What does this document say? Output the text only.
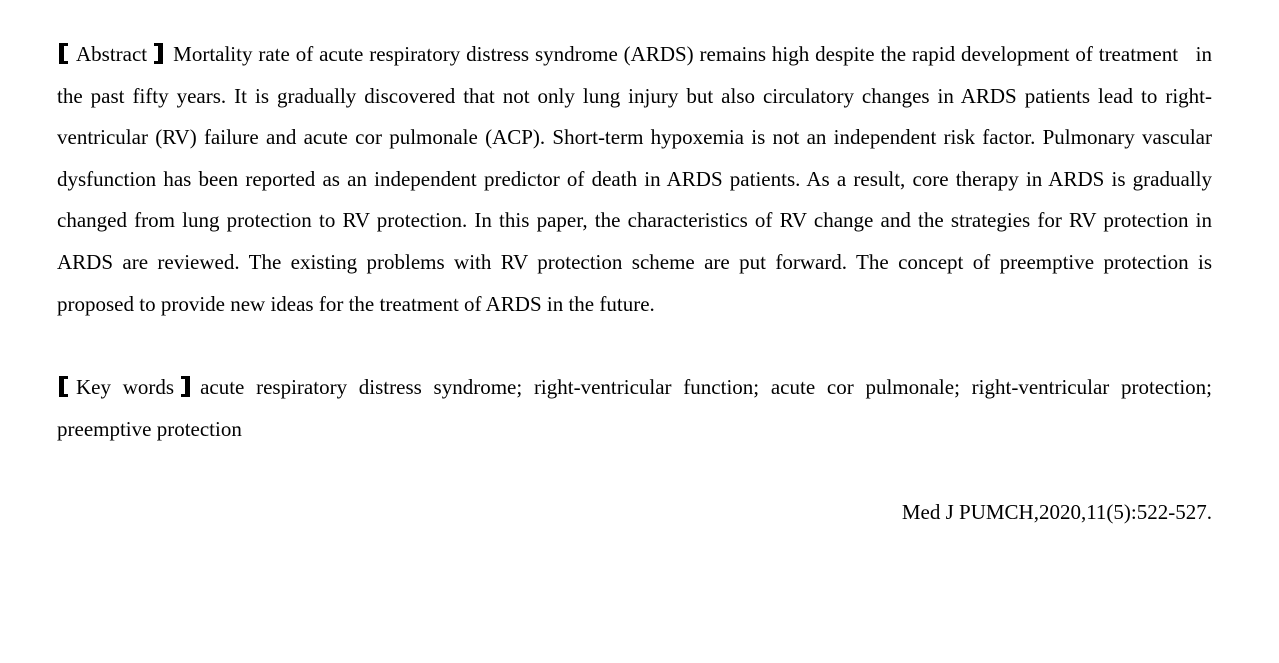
Abstract Mortality rate of acute respiratory distress syndrome (ARDS) remains high despite the rapid development of treatment   in the past fifty years. It is gradually discovered that not only lung injury but also circulatory changes in ARDS patients lead to right-ventricular (RV) failure and acute cor pulmonale (ACP). Short-term hypoxemia is not an independent risk factor. Pulmonary vascular dysfunction has been reported as an independent predictor of death in ARDS patients. As a result, core therapy in ARDS is gradually changed from lung protection to RV protection. In this paper, the characteristics of RV change and the strategies for RV protection in ARDS are reviewed. The existing problems with RV protection scheme are put forward. The concept of preemptive protection is proposed to provide new ideas for the treatment of ARDS in the future.

Key words acute respiratory distress syndrome; right-ventricular function; acute cor pulmonale; right-ventricular protection; preemptive protection

Med J PUMCH,2020,11(5):522-527.
